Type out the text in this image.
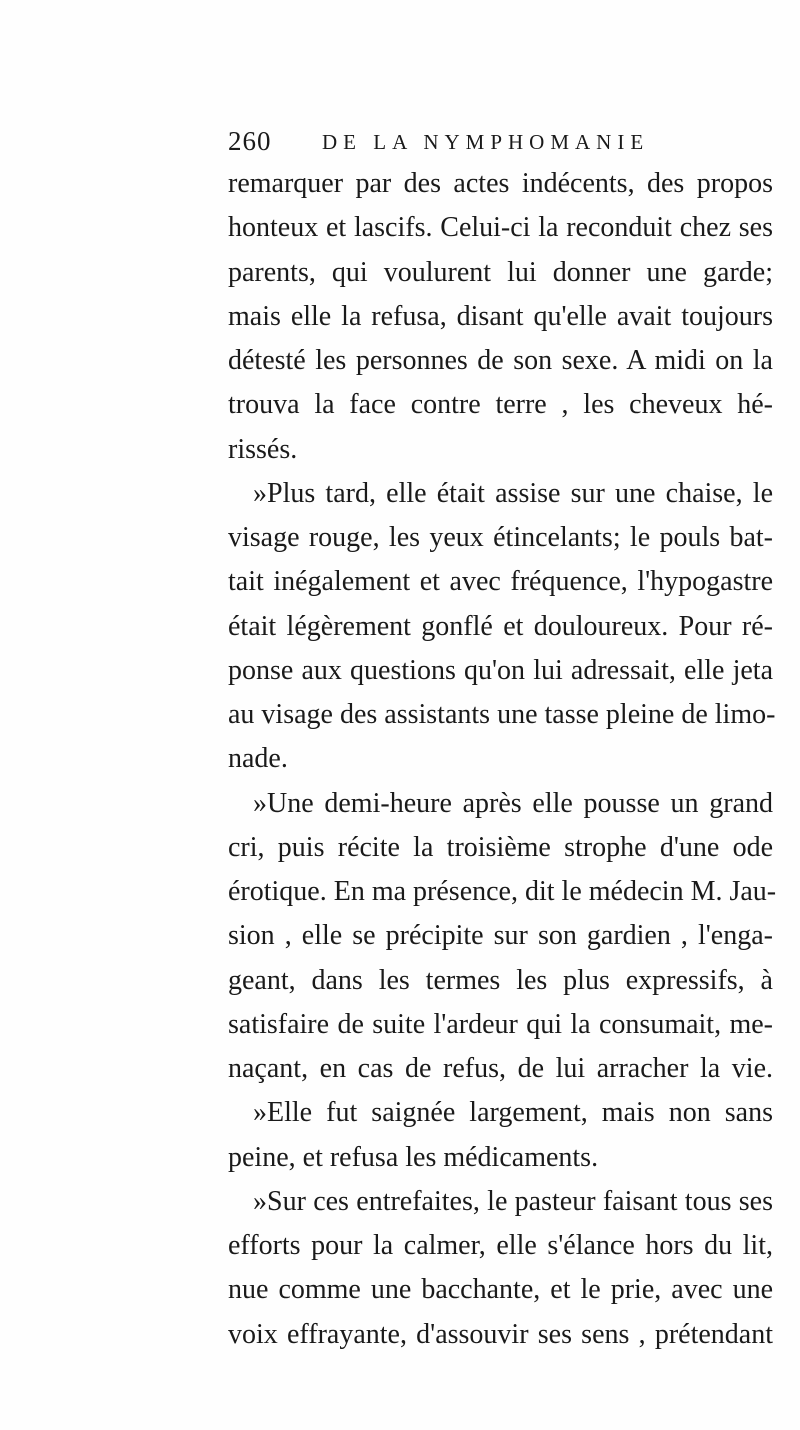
260 DE LA NYMPHOMANIE
remarquer par des actes indécents, des propos
honteux et lascifs. Celui-ci la reconduit chez ses
parents, qui voulurent lui donner une garde;
mais elle la refusa, disant qu'elle avait toujours
détesté les personnes de son sexe. A midi on la
trouva la face contre terre , les cheveux hé-
rissés.
»Plus tard, elle était assise sur une chaise, le
visage rouge, les yeux étincelants; le pouls bat-
tait inégalement et avec fréquence, l'hypogastre
était légèrement gonflé et douloureux. Pour ré-
ponse aux questions qu'on lui adressait, elle jeta
au visage des assistants une tasse pleine de limo-
nade.
»Une demi-heure après elle pousse un grand
cri, puis récite la troisième strophe d'une ode
érotique. En ma présence, dit le médecin M. Jau-
sion , elle se précipite sur son gardien , l'enga-
geant, dans les termes les plus expressifs, à
satisfaire de suite l'ardeur qui la consumait, me-
naçant, en cas de refus, de lui arracher la vie.
»Elle fut saignée largement, mais non sans
peine, et refusa les médicaments.
»Sur ces entrefaites, le pasteur faisant tous ses
efforts pour la calmer, elle s'élance hors du lit,
nue comme une bacchante, et le prie, avec une
voix effrayante, d'assouvir ses sens , prétendant
